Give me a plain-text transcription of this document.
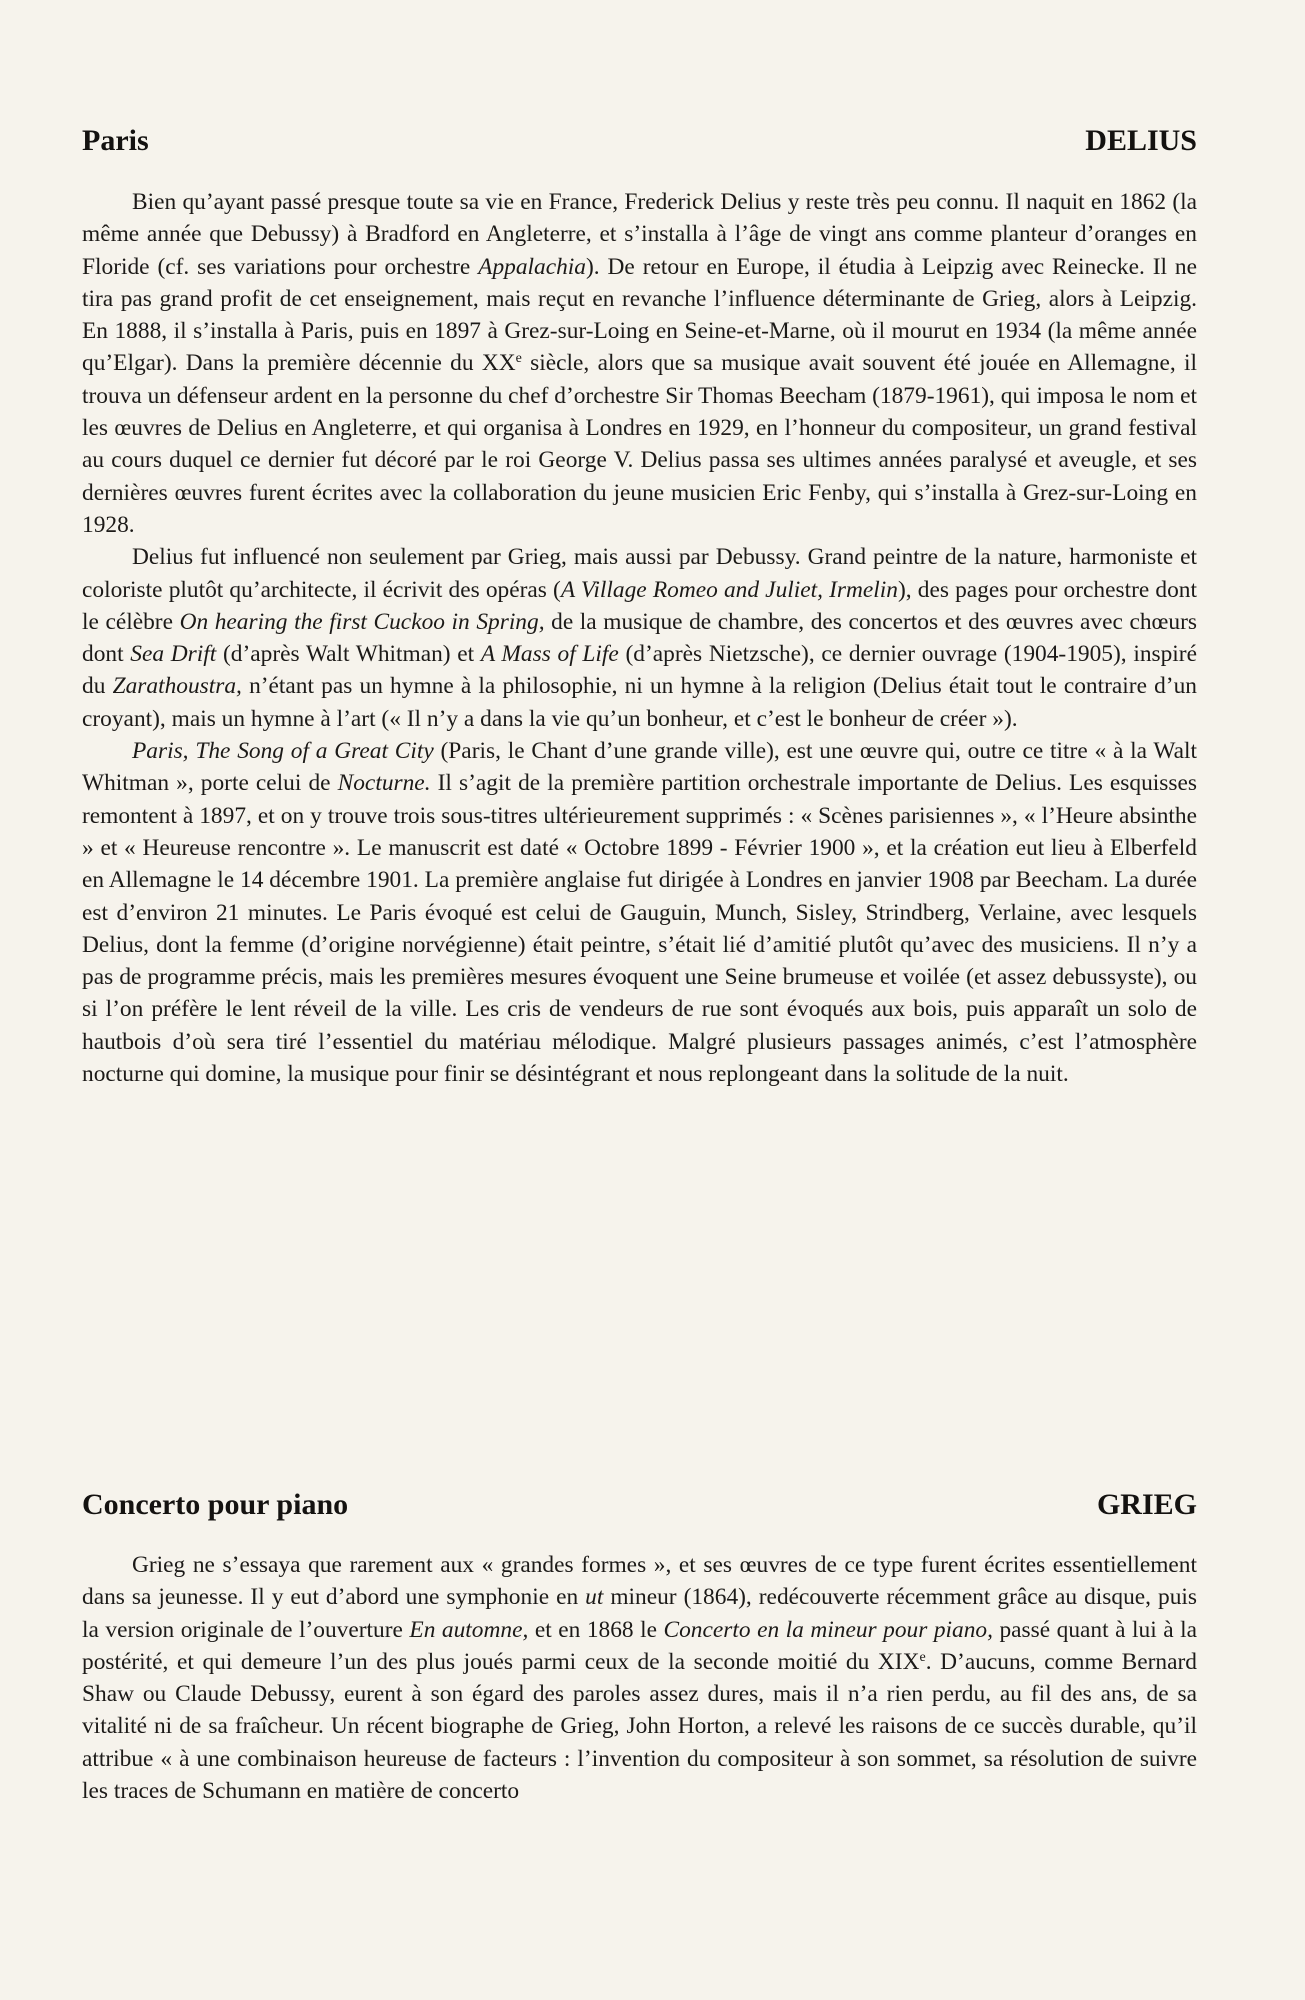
Paris	DELIUS

Bien qu’ayant passé presque toute sa vie en France, Frederick Delius y reste très peu connu. Il naquit en 1862 (la même année que Debussy) à Bradford en Angleterre, et s’installa à l’âge de vingt ans comme planteur d’oranges en Floride (cf. ses variations pour orchestre Appalachia). De retour en Europe, il étudia à Leipzig avec Reinecke. Il ne tira pas grand profit de cet enseignement, mais reçut en revanche l’influence déterminante de Grieg, alors à Leipzig. En 1888, il s’installa à Paris, puis en 1897 à Grez-sur-Loing en Seine-et-Marne, où il mourut en 1934 (la même année qu’Elgar). Dans la première décennie du XXe siècle, alors que sa musique avait souvent été jouée en Allemagne, il trouva un défenseur ardent en la personne du chef d’orchestre Sir Thomas Beecham (1879-1961), qui imposa le nom et les œuvres de Delius en Angleterre, et qui organisa à Londres en 1929, en l’honneur du compositeur, un grand festival au cours duquel ce dernier fut décoré par le roi George V. Delius passa ses ultimes années paralysé et aveugle, et ses dernières œuvres furent écrites avec la collaboration du jeune musicien Eric Fenby, qui s’installa à Grez-sur-Loing en 1928.

Delius fut influencé non seulement par Grieg, mais aussi par Debussy. Grand peintre de la nature, harmoniste et coloriste plutôt qu’architecte, il écrivit des opéras (A Village Romeo and Juliet, Irmelin), des pages pour orchestre dont le célèbre On hearing the first Cuckoo in Spring, de la musique de chambre, des concertos et des œuvres avec chœurs dont Sea Drift (d’après Walt Whitman) et A Mass of Life (d’après Nietzsche), ce dernier ouvrage (1904-1905), inspiré du Zarathoustra, n’étant pas un hymne à la philosophie, ni un hymne à la religion (Delius était tout le contraire d’un croyant), mais un hymne à l’art (« Il n’y a dans la vie qu’un bonheur, et c’est le bonheur de créer »).

Paris, The Song of a Great City (Paris, le Chant d’une grande ville), est une œuvre qui, outre ce titre « à la Walt Whitman », porte celui de Nocturne. Il s’agit de la première partition orchestrale importante de Delius. Les esquisses remontent à 1897, et on y trouve trois sous-titres ultérieurement supprimés : « Scènes parisiennes », « l’Heure absinthe » et « Heureuse rencontre ». Le manuscrit est daté « Octobre 1899 - Février 1900 », et la création eut lieu à Elberfeld en Allemagne le 14 décembre 1901. La première anglaise fut dirigée à Londres en janvier 1908 par Beecham. La durée est d’environ 21 minutes. Le Paris évoqué est celui de Gauguin, Munch, Sisley, Strindberg, Verlaine, avec lesquels Delius, dont la femme (d’origine norvégienne) était peintre, s’était lié d’amitié plutôt qu’avec des musiciens. Il n’y a pas de programme précis, mais les premières mesures évoquent une Seine brumeuse et voilée (et assez debussyste), ou si l’on préfère le lent réveil de la ville. Les cris de vendeurs de rue sont évoqués aux bois, puis apparaît un solo de hautbois d’où sera tiré l’essentiel du matériau mélodique. Malgré plusieurs passages animés, c’est l’atmosphère nocturne qui domine, la musique pour finir se désintégrant et nous replongeant dans la solitude de la nuit.

Concerto pour piano	GRIEG

Grieg ne s’essaya que rarement aux « grandes formes », et ses œuvres de ce type furent écrites essentiellement dans sa jeunesse. Il y eut d’abord une symphonie en ut mineur (1864), redécouverte récemment grâce au disque, puis la version originale de l’ouverture En automne, et en 1868 le Concerto en la mineur pour piano, passé quant à lui à la postérité, et qui demeure l’un des plus joués parmi ceux de la seconde moitié du XIXe. D’aucuns, comme Bernard Shaw ou Claude Debussy, eurent à son égard des paroles assez dures, mais il n’a rien perdu, au fil des ans, de sa vitalité ni de sa fraîcheur. Un récent biographe de Grieg, John Horton, a relevé les raisons de ce succès durable, qu’il attribue « à une combinaison heureuse de facteurs : l’invention du compositeur à son sommet, sa résolution de suivre les traces de Schumann en matière de concerto
